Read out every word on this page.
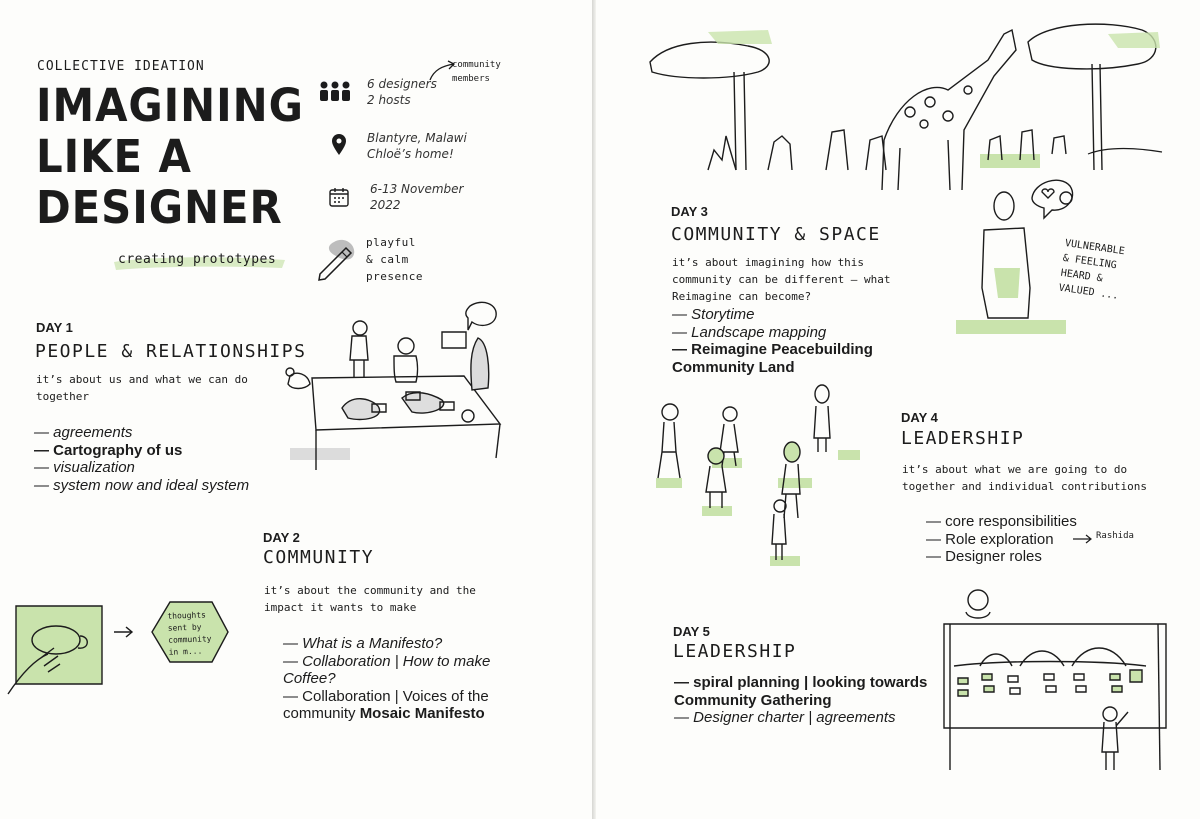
COLLECTIVE IDEATION
IMAGINING
LIKE A
DESIGNER
creating prototypes
6 designers
2 hosts
community members
Blantyre, Malawi
Chloë’s home!
6-13 November
2022
playful
& calm
presence
DAY 1
PEOPLE & RELATIONSHIPS
it’s about us and what we can do
together
— agreements
— Cartography of us
— visualization
— system now and ideal system
DAY 2
COMMUNITY
it’s about the community and the
impact it wants to make
— What is a Manifesto?
— Collaboration | How to make
Coffee?
— Collaboration | Voices of the
community Mosaic Manifesto
thoughts
sent by
community
in m...
DAY 3
COMMUNITY & SPACE
it’s about imagining how this
community can be different – what
Reimagine can become?
— Storytime
— Landscape mapping
— Reimagine Peacebuilding
Community Land
VULNERABLE
& FEELING
HEARD &
VALUED ...
DAY 4
LEADERSHIP
it’s about what we are going to do
together and individual contributions
— core responsibilities
— Role exploration
— Designer roles
Rashida
DAY 5
LEADERSHIP
— spiral planning | looking towards
Community Gathering
— Designer charter | agreements
